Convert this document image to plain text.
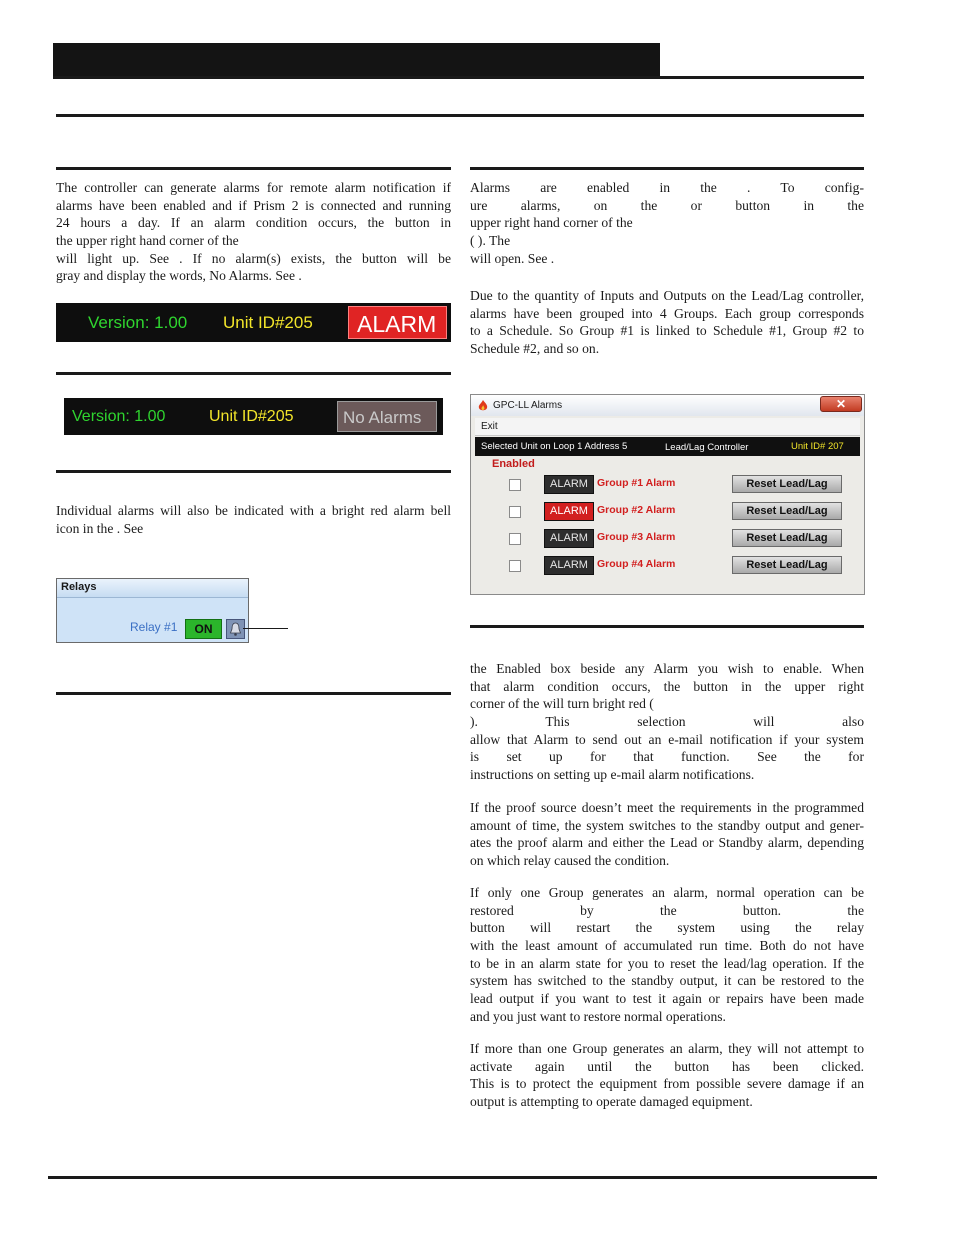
The controller can generate alarms for remote alarm notification if
alarms have been enabled and if Prism 2 is connected and running
24 hours a day. If an alarm condition occurs, the button in
the upper right hand corner of the
will light up. See . If no alarm(s) exists, the button will be
gray and display the words, No Alarms. See .
Version: 1.00 Unit ID#205 ALARM
Version: 1.00	Unit ID#205	No Alarms
Individual alarms will also be indicated with a bright red alarm bell
icon in the . See
Relays
Relay #1	ON
Alarms are enabled in the . To config-
ure alarms, on the or button in the
upper right hand corner of the
( ). The
will open. See .
Due to the quantity of Inputs and Outputs on the Lead/Lag controller,
alarms have been grouped into 4 Groups. Each group corresponds
to a Schedule. So Group #1 is linked to Schedule #1, Group #2 to
Schedule #2, and so on.
GPC-LL Alarms	✕
Exit
Selected Unit on Loop 1 Address 5	Lead/Lag Controller	Unit ID# 207
Enabled
ALARM Group #1 Alarm	Reset Lead/Lag
ALARM Group #2 Alarm	Reset Lead/Lag
ALARM Group #3 Alarm	Reset Lead/Lag
ALARM Group #4 Alarm	Reset Lead/Lag
the Enabled box beside any Alarm you wish to enable. When
that alarm condition occurs, the button in the upper right
corner of the will turn bright red (
). This selection will also
allow that Alarm to send out an e-mail notification if your system
is set up for that function. See the for
instructions on setting up e-mail alarm notifications.
If the proof source doesn’t meet the requirements in the programmed
amount of time, the system switches to the standby output and gener-
ates the proof alarm and either the Lead or Standby alarm, depending
on which relay caused the condition.
If only one Group generates an alarm, normal operation can be
restored by the button. the
button will restart the system using the relay
with the least amount of accumulated run time. Both do not have
to be in an alarm state for you to reset the lead/lag operation. If the
system has switched to the standby output, it can be restored to the
lead output if you want to test it again or repairs have been made
and you just want to restore normal operations.
If more than one Group generates an alarm, they will not attempt to
activate again until the button has been clicked.
This is to protect the equipment from possible severe damage if an
output is attempting to operate damaged equipment.
